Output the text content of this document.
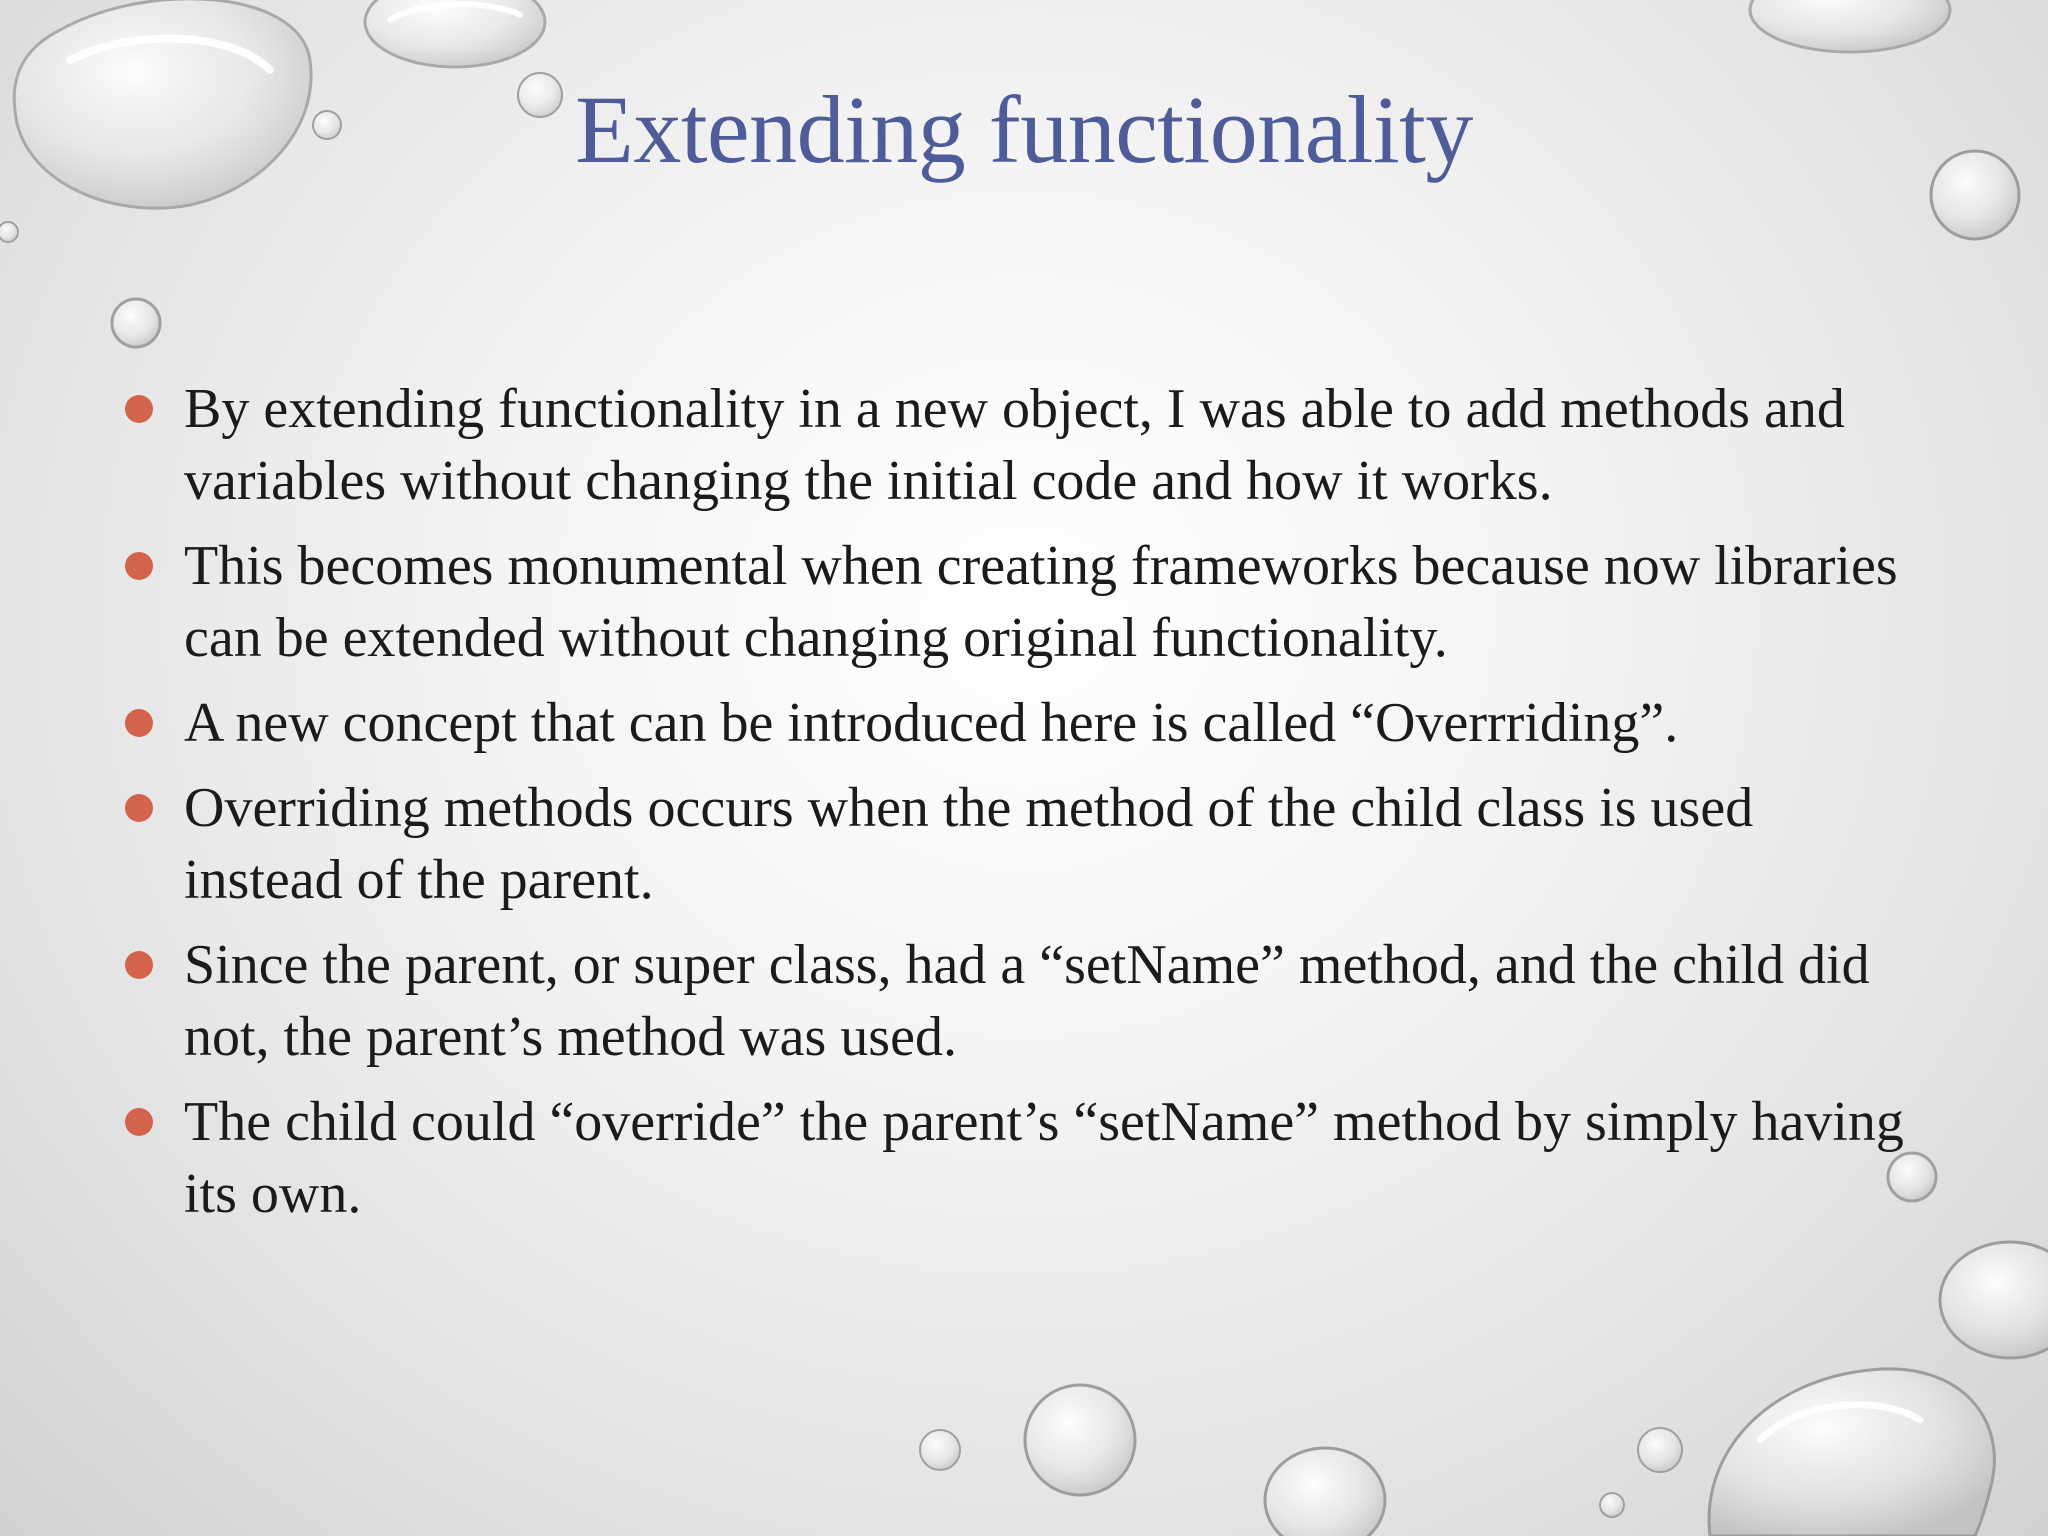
Extending functionality
By extending functionality in a new object, I was able to add methods and variables without changing the initial code and how it works.
This becomes monumental when creating frameworks because now libraries can be extended without changing original functionality.
A new concept that can be introduced here is called “Overrriding”.
Overriding methods occurs when the method of the child class is used instead of the parent.
Since the parent, or super class, had a “setName” method, and the child did not, the parent’s method was used.
The child could “override” the parent’s “setName” method by simply having its own.
